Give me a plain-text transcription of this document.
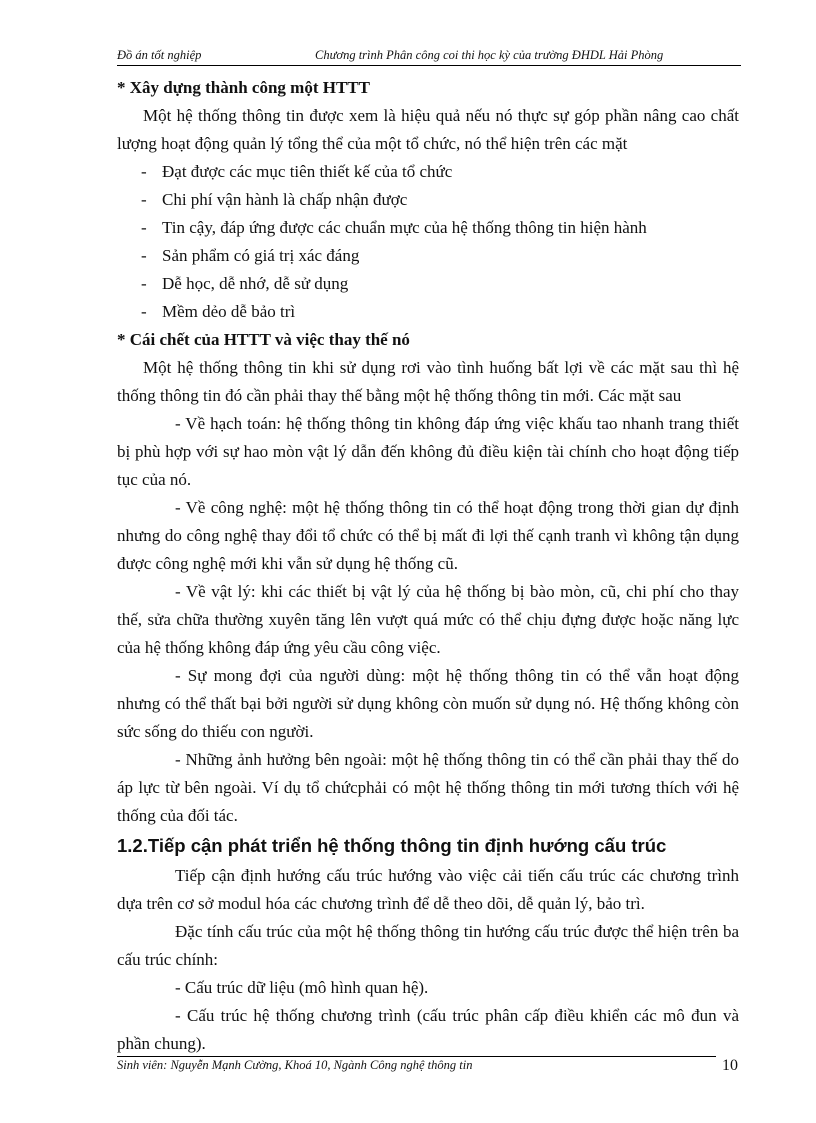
Đồ án tốt nghiệp	Chương trình Phân công coi thi học kỳ của trường ĐHDL Hải Phòng
* Xây dựng thành công một HTTT
Một hệ thống thông tin được xem là hiệu quả nếu nó thực sự góp phần nâng cao chất lượng hoạt động quản lý tổng thể của một tổ chức, nó thể hiện trên các mặt
- Đạt được các mục tiên thiết kế của tổ chức
- Chi phí vận hành là chấp nhận được
- Tin cậy, đáp ứng được các chuẩn mực của hệ thống thông tin hiện hành
- Sản phẩm có giá trị xác đáng
- Dễ học, dễ nhớ, dễ sử dụng
- Mềm dẻo dễ bảo trì
* Cái chết của HTTT và việc thay thế nó
Một hệ thống thông tin khi sử dụng rơi vào tình huống bất lợi về các mặt sau thì hệ thống thông tin đó cần phải thay thế bằng một hệ thống thông tin mới. Các mặt sau
- Về hạch toán: hệ thống thông tin không đáp ứng việc khấu tao nhanh trang thiết bị phù hợp với sự hao mòn vật lý dẫn đến không đủ điều kiện tài chính cho hoạt động tiếp tục của nó.
- Về công nghệ: một hệ thống thông tin có thể hoạt động trong thời gian dự định nhưng do công nghệ thay đổi tổ chức có thể bị mất đi lợi thế cạnh tranh vì không tận dụng được công nghệ mới khi vẫn sử dụng hệ thống cũ.
- Về vật lý: khi các thiết bị vật lý của hệ thống bị bào mòn, cũ, chi phí cho thay thế, sửa chữa thường xuyên tăng lên vượt quá mức có thể chịu đựng được hoặc năng lực của hệ thống không đáp ứng yêu cầu công việc.
- Sự mong đợi của người dùng: một hệ thống thông tin có thể vẫn hoạt động nhưng có thể thất bại bởi người sử dụng không còn muốn sử dụng nó. Hệ thống không còn sức sống do thiếu con người.
- Những ảnh hưởng bên ngoài: một hệ thống thông tin có thể cần phải thay thế do áp lực từ bên ngoài. Ví dụ tổ chứcphải có một hệ thống thông tin mới tương thích với hệ thống của đối tác.
1.2.Tiếp cận phát triển hệ thống thông tin định hướng cấu trúc
Tiếp cận định hướng cấu trúc hướng vào việc cải tiến cấu trúc các chương trình dựa trên cơ sở modul hóa các chương trình để dễ theo dõi, dễ quản lý, bảo trì.
Đặc tính cấu trúc của một hệ thống thông tin hướng cấu trúc được thể hiện trên ba cấu trúc chính:
- Cấu trúc dữ liệu (mô hình quan hệ).
- Cấu trúc hệ thống chương trình (cấu trúc phân cấp điều khiển các mô đun và phần chung).
Sinh viên: Nguyễn Mạnh Cường, Khoá 10, Ngành Công nghệ thông tin	10
